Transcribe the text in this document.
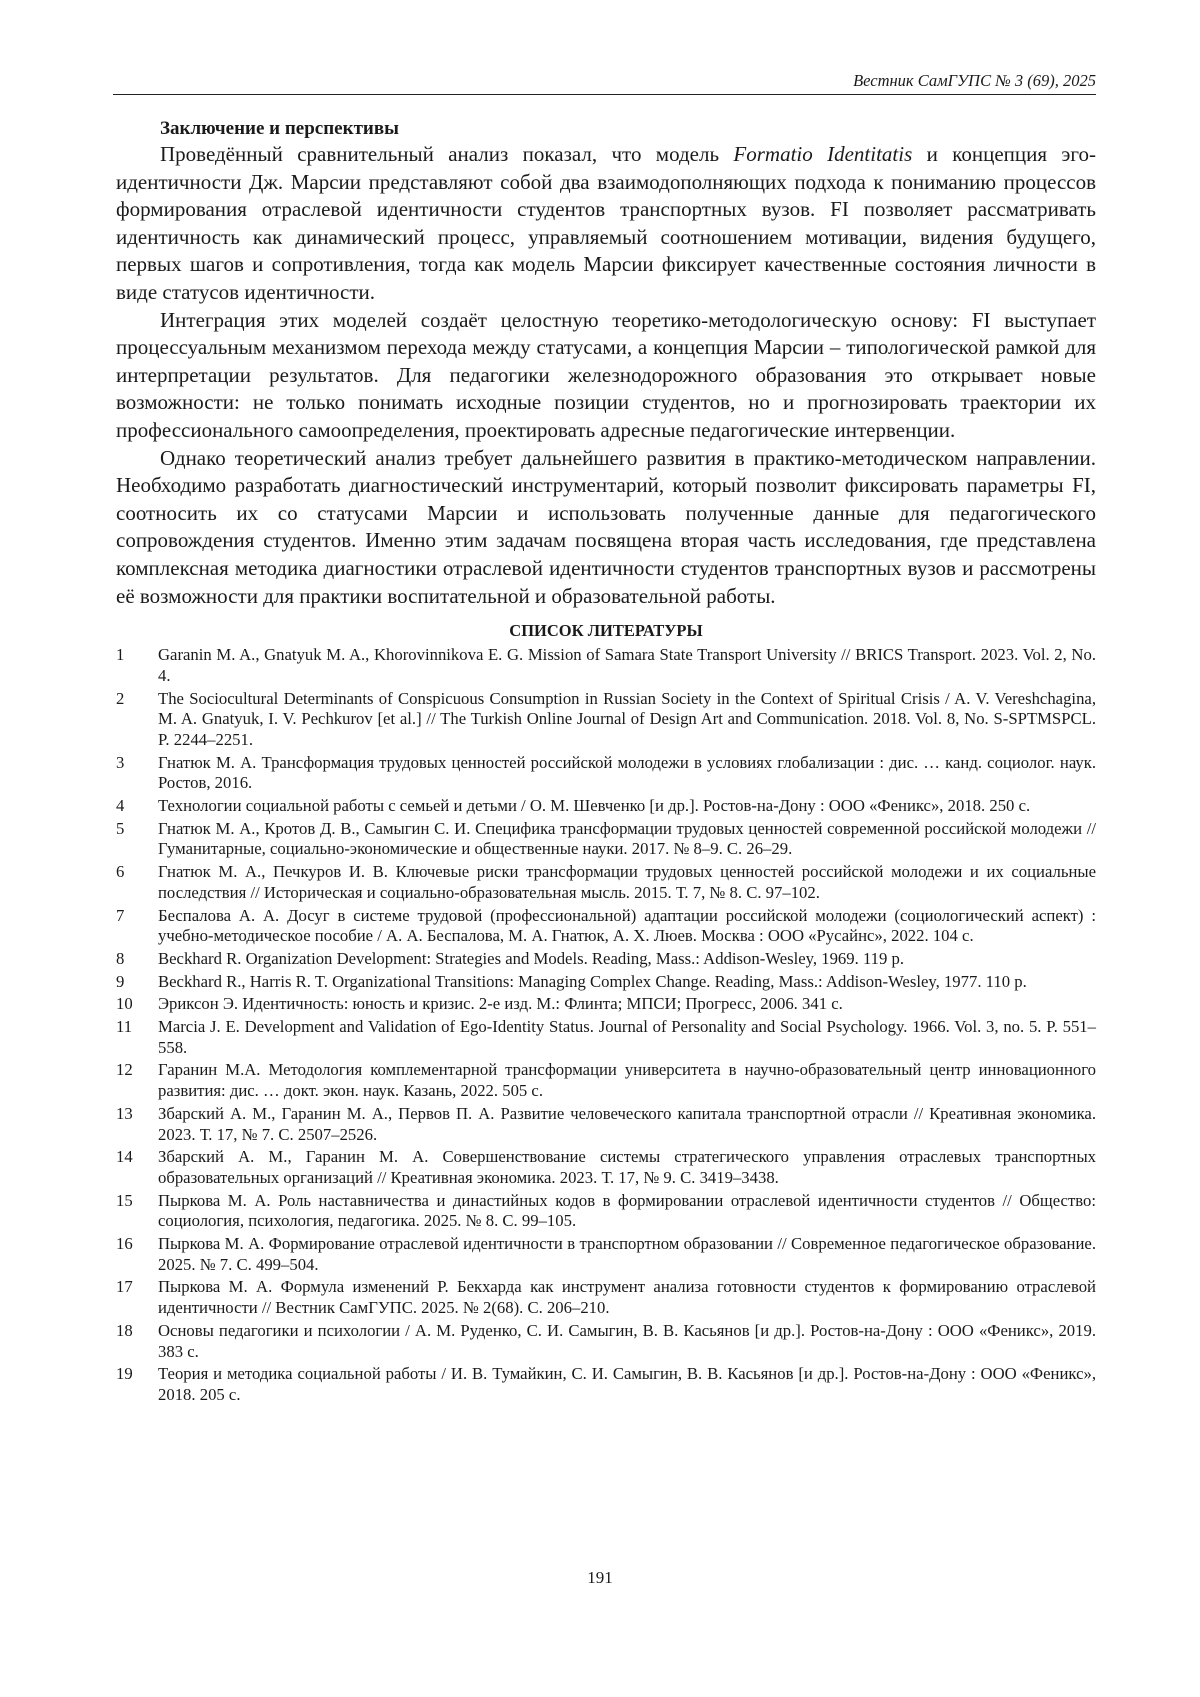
Вестник СамГУПС № 3 (69), 2025
Заключение и перспективы

Проведённый сравнительный анализ показал, что модель Formatio Identitatis и концепция эго-идентичности Дж. Марсии представляют собой два взаимодополняющих подхода к пониманию процессов формирования отраслевой идентичности студентов транспортных вузов. FI позволяет рассматривать идентичность как динамический процесс, управляемый соотношением мотивации, видения будущего, первых шагов и сопротивления, тогда как модель Марсии фиксирует качественные состояния личности в виде статусов идентичности.

Интеграция этих моделей создаёт целостную теоретико-методологическую основу: FI выступает процессуальным механизмом перехода между статусами, а концепция Марсии – типологической рамкой для интерпретации результатов. Для педагогики железнодорожного образования это открывает новые возможности: не только понимать исходные позиции студентов, но и прогнозировать траектории их профессионального самоопределения, проектировать адресные педагогические интервенции.

Однако теоретический анализ требует дальнейшего развития в практико-методическом направлении. Необходимо разработать диагностический инструментарий, который позволит фиксировать параметры FI, соотносить их со статусами Марсии и использовать полученные данные для педагогического сопровождения студентов. Именно этим задачам посвящена вторая часть исследования, где представлена комплексная методика диагностики отраслевой идентичности студентов транспортных вузов и рассмотрены её возможности для практики воспитательной и образовательной работы.

СПИСОК ЛИТЕРАТУРЫ
1	Garanin M. A., Gnatyuk M. A., Khorovinnikova E. G. Mission of Samara State Transport University // BRICS Transport. 2023. Vol. 2, No. 4.
2	The Sociocultural Determinants of Conspicuous Consumption in Russian Society in the Context of Spiritual Crisis / A. V. Vereshchagina, M. A. Gnatyuk, I. V. Pechkurov [et al.] // The Turkish Online Journal of Design Art and Communication. 2018. Vol. 8, No. S-SPTMSPCL. P. 2244–2251.
3	Гнатюк М. А. Трансформация трудовых ценностей российской молодежи в условиях глобализации : дис. … канд. социолог. наук. Ростов, 2016.
4	Технологии социальной работы с семьей и детьми / О. М. Шевченко [и др.]. Ростов-на-Дону : ООО «Феникс», 2018. 250 с.
5	Гнатюк М. А., Кротов Д. В., Самыгин С. И. Специфика трансформации трудовых ценностей современной российской молодежи // Гуманитарные, социально-экономические и общественные науки. 2017. № 8–9. С. 26–29.
6	Гнатюк М. А., Печкуров И. В. Ключевые риски трансформации трудовых ценностей российской молодежи и их социальные последствия // Историческая и социально-образовательная мысль. 2015. Т. 7, № 8. С. 97–102.
7	Беспалова А. А. Досуг в системе трудовой (профессиональной) адаптации российской молодежи (социологический аспект) : учебно-методическое пособие / А. А. Беспалова, М. А. Гнатюк, А. Х. Люев. Москва : ООО «Русайнс», 2022. 104 с.
8	Beckhard R. Organization Development: Strategies and Models. Reading, Mass.: Addison-Wesley, 1969. 119 p.
9	Beckhard R., Harris R. T. Organizational Transitions: Managing Complex Change. Reading, Mass.: Addison-Wesley, 1977. 110 p.
10	Эриксон Э. Идентичность: юность и кризис. 2-е изд. М.: Флинта; МПСИ; Прогресс, 2006. 341 с.
11	Marcia J. E. Development and Validation of Ego-Identity Status. Journal of Personality and Social Psychology. 1966. Vol. 3, no. 5. P. 551–558.
12	Гаранин М.А. Методология комплементарной трансформации университета в научно-образовательный центр инновационного развития: дис. … докт. экон. наук. Казань, 2022. 505 с.
13	Збарский А. М., Гаранин М. А., Первов П. А. Развитие человеческого капитала транспортной отрасли // Креативная экономика. 2023. Т. 17, № 7. С. 2507–2526.
14	Збарский А. М., Гаранин М. А. Совершенствование системы стратегического управления отраслевых транспортных образовательных организаций // Креативная экономика. 2023. Т. 17, № 9. С. 3419–3438.
15	Пыркова М. А. Роль наставничества и династийных кодов в формировании отраслевой идентичности студентов // Общество: социология, психология, педагогика. 2025. № 8. С. 99–105.
16	Пыркова М. А. Формирование отраслевой идентичности в транспортном образовании // Современное педагогическое образование. 2025. № 7. С. 499–504.
17	Пыркова М. А. Формула изменений Р. Бекхарда как инструмент анализа готовности студентов к формированию отраслевой идентичности // Вестник СамГУПС. 2025. № 2(68). С. 206–210.
18	Основы педагогики и психологии / А. М. Руденко, С. И. Самыгин, В. В. Касьянов [и др.]. Ростов-на-Дону : ООО «Феникс», 2019. 383 с.
19	Теория и методика социальной работы / И. В. Тумайкин, С. И. Самыгин, В. В. Касьянов [и др.]. Ростов-на-Дону : ООО «Феникс», 2018. 205 с.
191
